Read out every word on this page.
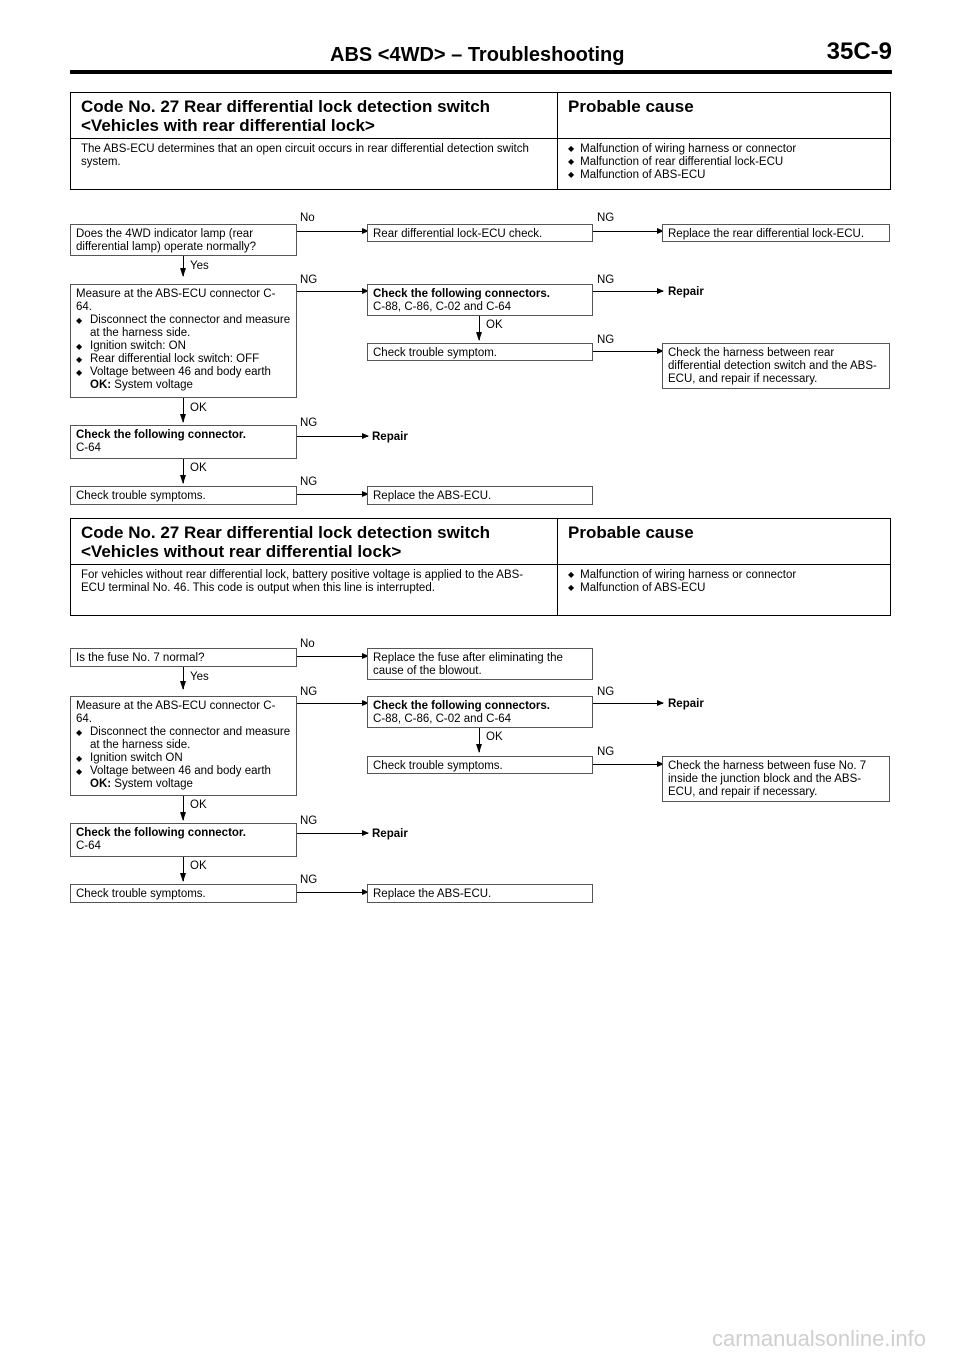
ABS <4WD> – Troubleshooting	35C-9
Code No. 27 Rear differential lock detection switch
<Vehicles with rear differential lock>
Probable cause
The ABS-ECU determines that an open circuit occurs in rear differential detection switch system.
◆ Malfunction of wiring harness or connector
◆ Malfunction of rear differential lock-ECU
◆ Malfunction of ABS-ECU
Does the 4WD indicator lamp (rear differential lamp) operate normally?
No
Rear differential lock-ECU check.
NG
Replace the rear differential lock-ECU.
Yes
Measure at the ABS-ECU connector C-64.
◆ Disconnect the connector and measure at the harness side.
◆ Ignition switch: ON
◆ Rear differential lock switch: OFF
◆ Voltage between 46 and body earth
OK: System voltage
NG
Check the following connectors.
C-88, C-86, C-02 and C-64
NG
Repair
OK
Check trouble symptom.
NG
Check the harness between rear differential detection switch and the ABS-ECU, and repair if necessary.
OK
Check the following connector.
C-64
NG
Repair
OK
Check trouble symptoms.
NG
Replace the ABS-ECU.
Code No. 27 Rear differential lock detection switch
<Vehicles without rear differential lock>
Probable cause
For vehicles without rear differential lock, battery positive voltage is applied to the ABS-ECU terminal No. 46. This code is output when this line is interrupted.
◆ Malfunction of wiring harness or connector
◆ Malfunction of ABS-ECU
Is the fuse No. 7 normal?
No
Replace the fuse after eliminating the cause of the blowout.
Yes
Measure at the ABS-ECU connector C-64.
◆ Disconnect the connector and measure at the harness side.
◆ Ignition switch ON
◆ Voltage between 46 and body earth
OK: System voltage
NG
Check the following connectors.
C-88, C-86, C-02 and C-64
NG
Repair
OK
Check trouble symptoms.
NG
Check the harness between fuse No. 7 inside the junction block and the ABS-ECU, and repair if necessary.
OK
Check the following connector.
C-64
NG
Repair
OK
Check trouble symptoms.
NG
Replace the ABS-ECU.
carmanualsonline.info
